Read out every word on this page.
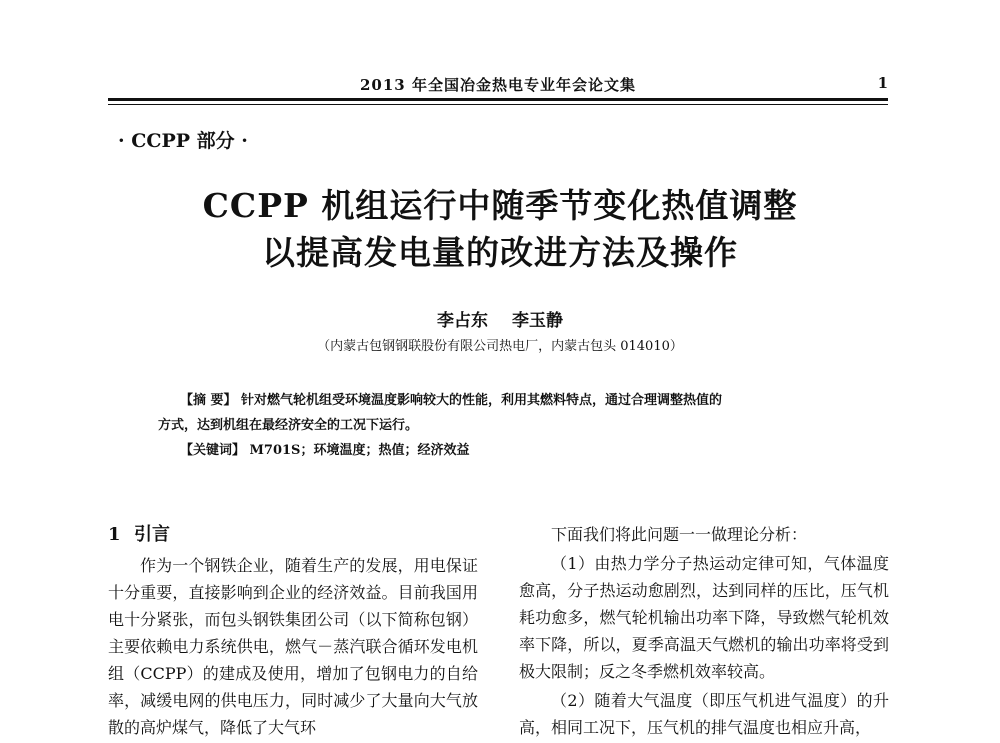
2013 年全国冶金热电专业年会论文集	1
· CCPP 部分 ·
CCPP 机组运行中随季节变化热值调整
以提高发电量的改进方法及操作
李占东 李玉静
（内蒙古包钢钢联股份有限公司热电厂，内蒙古包头 014010）
【摘 要】 针对燃气轮机组受环境温度影响较大的性能，利用其燃料特点，通过合理调整热值的
方式，达到机组在最经济安全的工况下运行。
【关键词】 M701S；环境温度；热值；经济效益
1 引言

作为一个钢铁企业，随着生产的发展，用电保证十分重要，直接影响到企业的经济效益。目前我国用电十分紧张，而包头钢铁集团公司（以下简称包钢）主要依赖电力系统供电，燃气－蒸汽联合循环发电机组（CCPP）的建成及使用，增加了包钢电力的自给率，减缓电网的供电压力，同时减少了大量向大气放散的高炉煤气，降低了大气环

下面我们将此问题一一做理论分析：

（1）由热力学分子热运动定律可知，气体温度愈高，分子热运动愈剧烈，达到同样的压比，压气机耗功愈多，燃气轮机输出功率下降，导致燃气轮机效率下降，所以，夏季高温天气燃机的输出功率将受到极大限制；反之冬季燃机效率较高。

（2）随着大气温度（即压气机进气温度）的升高，相同工况下，压气机的排气温度也相应升高，
